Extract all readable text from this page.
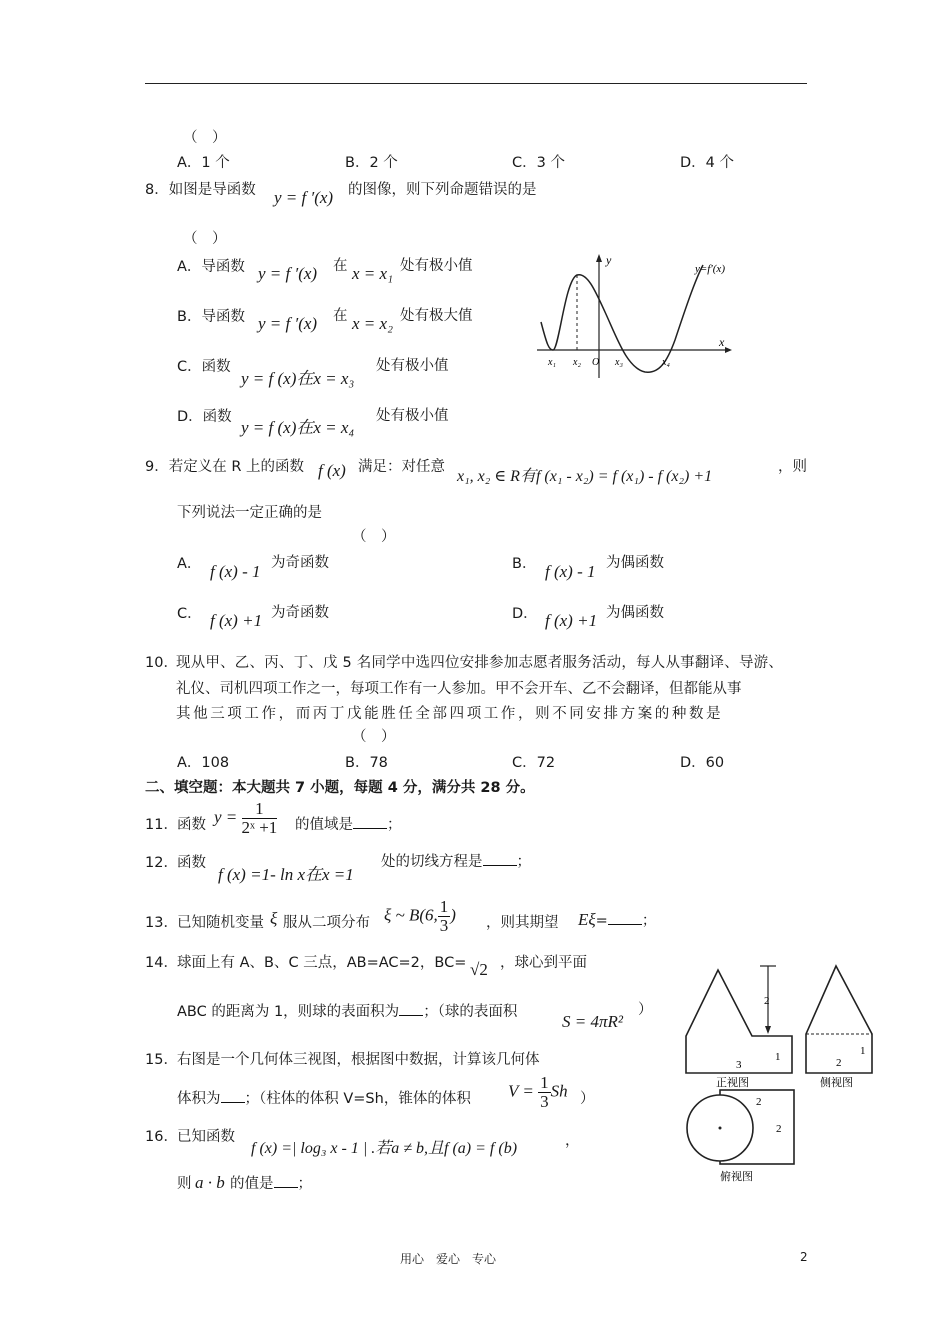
（　）
A．1 个	B．2 个	C．3 个	D．4 个
8．如图是导函数 y = f ′(x) 的图像，则下列命题错误的是
（　）
A．导函数 y = f ′(x) 在 x = x₁ 处有极小值
B．导函数 y = f ′(x) 在 x = x₂ 处有极大值
C．函数
y = f (x)在x = x₃
处有极小值
D．函数
y = f (x)在x = x₄
处有极小值
y=f′(x)
y
x
x₁ x₂ O x₃	x₄
9．若定义在 R 上的函数 f (x) 满足：对任意
x₁, x₂ ∈ R有f (x₁ - x₂) = f (x₁) - f (x₂) +1
，则
下列说法一定正确的是
（　）
A． f (x) - 1 为奇函数	B． f (x) - 1 为偶函数
C． f (x) +1 为奇函数	D． f (x) +1 为偶函数
10．
现从甲、乙、丙、丁、戊 5 名同学中选四位安排参加志愿者服务活动，每人从事翻译、导游、
礼仪、司机四项工作之一，每项工作有一人参加。甲不会开车、乙不会翻译，但都能从事
其他三项工作，而丙丁戊能胜任全部四项工作，则不同安排方案的种数是
（　）
A．108	B．78	C．72	D．60
二、填空题：本大题共 7 小题，每题 4 分，满分共 28 分。
11． 函数 $y = \frac{1}{\text{2ˣ +1}}$ 的值域是 ；
12． 函数
f (x) =1- ln x在x =1
处的切线方程是 ；
13． 已知随机变量 ξ 服从二项分布 ξ ~ B(6, $\frac{1}{3}$ ) ，则其期望 Eξ= ；
14． 球面上有 A、B、C 三点，AB=AC=2，BC= √2 ，球心到平面
ABC 的距离为 1，则球的表面积为 ；（球的表面积	S = 4πR²
）
15． 右图是一个几何体三视图，根据图中数据，计算该几何体
体积为 ；（柱体的体积 V=Sh，锥体的体积 $V = \frac{1}{3}$ Sh ）
16． 已知函数
f (x) =| log₃ x - 1 | .若a ≠ b,且f (a) = f (b)	，
则 a · b 的值是 ；
2
3
1
正视图
2
1
侧视图
2
2
俯视图
用心　爱心　专心	2
